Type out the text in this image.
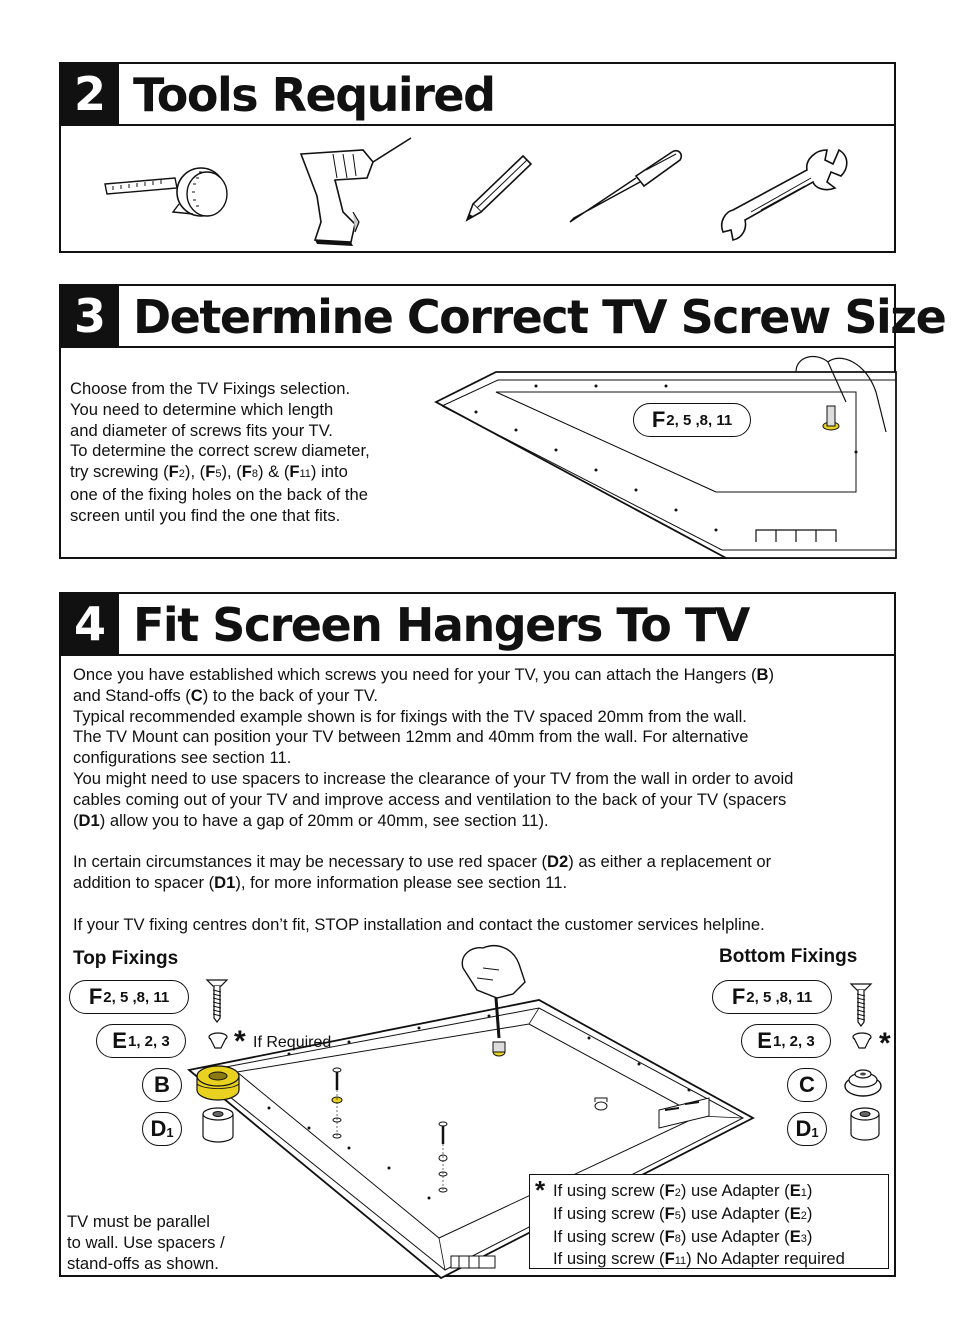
2 Tools Required
3 Determine Correct TV Screw Size

Choose from the TV Fixings selection.

You need to determine which length

and diameter of screws fits your TV.

To determine the correct screw diameter,

try screwing (F2), (F5), (F8) & (F11) into

one of the fixing holes on the back of the

screen until you find the one that fits.

F 2, 5 ,8, 11
4 Fit Screen Hangers To TV

Once you have established which screws you need for your TV, you can attach the Hangers (B)

and Stand-offs (C) to the back of your TV.

Typical recommended example shown is for fixings with the TV spaced 20mm from the wall.

The TV Mount can position your TV between 12mm and 40mm from the wall. For alternative

configurations see section 11.

You might need to use spacers to increase the clearance of your TV from the wall in order to avoid

cables coming out of your TV and improve access and ventilation to the back of your TV (spacers

(D1) allow you to have a gap of 20mm or 40mm, see section 11).

In certain circumstances it may be necessary to use red spacer (D2) as either a replacement or

addition to spacer (D1), for more information please see section 11.

If your TV fixing centres don’t fit, STOP installation and contact the customer services helpline.

Top Fixings	Bottom Fixings
F 2, 5 ,8, 11
E 1, 2, 3
B
$D_1$
* If Required
F 2, 5 ,8, 11
E 1, 2, 3
C
$D_1$
*
TV must be parallel
to wall. Use spacers /
stand-offs as shown.
* If using screw (F2) use Adapter (E1)
If using screw (F5) use Adapter (E2)
If using screw (F8) use Adapter (E3)
If using screw (F11) No Adapter required
